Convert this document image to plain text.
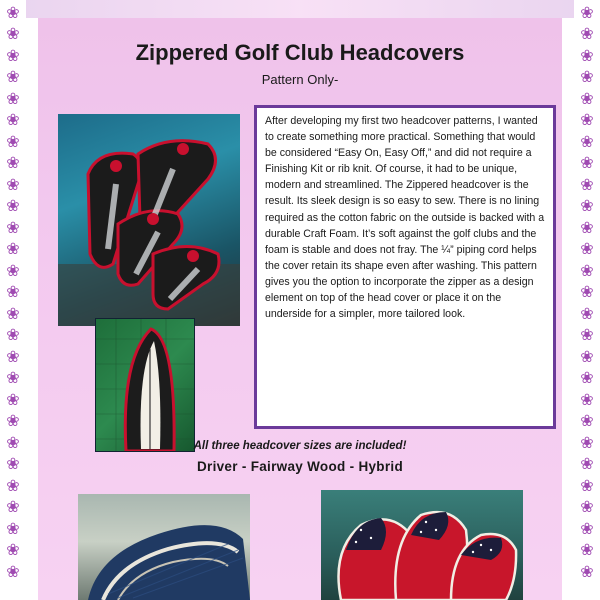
❀
❀
❀
❀
❀
❀
❀
❀
❀
❀
❀
❀
❀
❀
❀
❀
❀
❀
❀
❀
❀
❀
❀
❀
❀
❀
❀
❀
❀
❀
❀
❀
❀
❀
❀
❀
❀
❀
❀
❀
❀
❀
❀
❀
❀
❀
❀
❀
❀
❀
❀
❀
❀
❀
Zippered Golf Club Headcovers
Pattern Only-
After developing my first two headcover patterns, I wanted to create something more practical. Something that would be considered “Easy On, Easy Off,” and did not require a Finishing Kit or rib knit. Of course, it had to be unique, modern and streamlined. The Zippered headcover is the result. Its sleek design is so easy to sew. There is no lining required as the cotton fabric on the outside is backed with a durable Craft Foam. It’s soft against the golf clubs and the foam is stable and does not fray. The ¼” piping cord helps the cover retain its shape even after washing. This pattern gives you the option to incorporate the zipper as a design element on top of the head cover or place it on the underside for a simpler, more tailored look.
All three headcover sizes are included!
Driver - Fairway Wood - Hybrid
